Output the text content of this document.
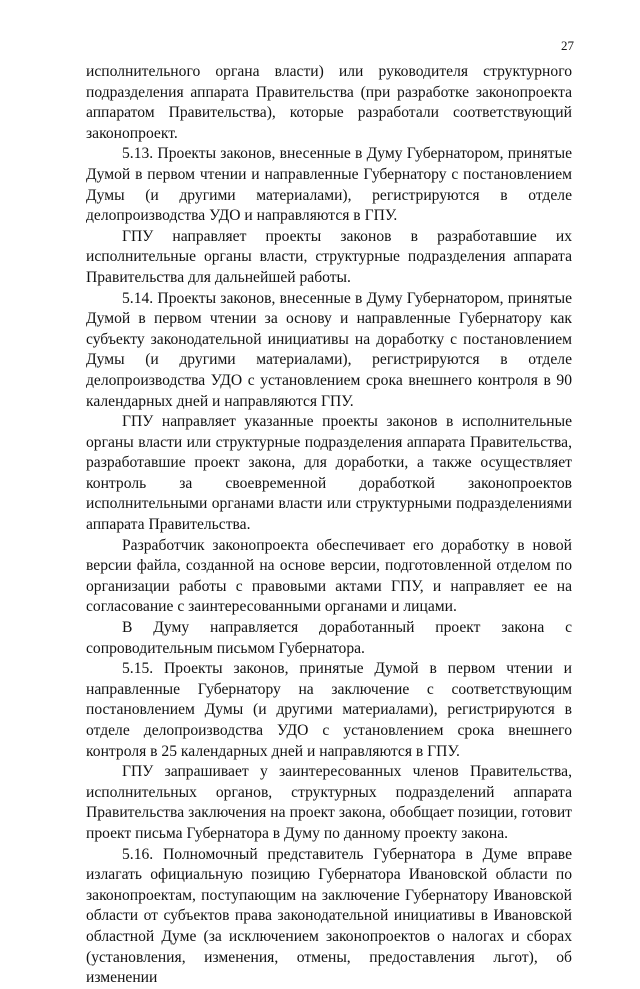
27

исполнительного органа власти) или руководителя структурного подразделения аппарата Правительства (при разработке законопроекта аппаратом Правительства), которые разработали соответствующий законопроект.

5.13. Проекты законов, внесенные в Думу Губернатором, принятые Думой в первом чтении и направленные Губернатору с постановлением Думы (и другими материалами), регистрируются в отделе делопроизводства УДО и направляются в ГПУ.

ГПУ направляет проекты законов в разработавшие их исполнительные органы власти, структурные подразделения аппарата Правительства для дальнейшей работы.

5.14. Проекты законов, внесенные в Думу Губернатором, принятые Думой в первом чтении за основу и направленные Губернатору как субъекту законодательной инициативы на доработку с постановлением Думы (и другими материалами), регистрируются в отделе делопроизводства УДО с установлением срока внешнего контроля в 90 календарных дней и направляются ГПУ.

ГПУ направляет указанные проекты законов в исполнительные органы власти или структурные подразделения аппарата Правительства, разработавшие проект закона, для доработки, а также осуществляет контроль за своевременной доработкой законопроектов исполнительными органами власти или структурными подразделениями аппарата Правительства.

Разработчик законопроекта обеспечивает его доработку в новой версии файла, созданной на основе версии, подготовленной отделом по организации работы с правовыми актами ГПУ, и направляет ее на согласование с заинтересованными органами и лицами.

В Думу направляется доработанный проект закона с сопроводительным письмом Губернатора.

5.15. Проекты законов, принятые Думой в первом чтении и направленные Губернатору на заключение с соответствующим постановлением Думы (и другими материалами), регистрируются в отделе делопроизводства УДО с установлением срока внешнего контроля в 25 календарных дней и направляются в ГПУ.

ГПУ запрашивает у заинтересованных членов Правительства, исполнительных органов, структурных подразделений аппарата Правительства заключения на проект закона, обобщает позиции, готовит проект письма Губернатора в Думу по данному проекту закона.

5.16. Полномочный представитель Губернатора в Думе вправе излагать официальную позицию Губернатора Ивановской области по законопроектам, поступающим на заключение Губернатору Ивановской области от субъектов права законодательной инициативы в Ивановской областной Думе (за исключением законопроектов о налогах и сборах (установления, изменения, отмены, предоставления льгот), об изменении
